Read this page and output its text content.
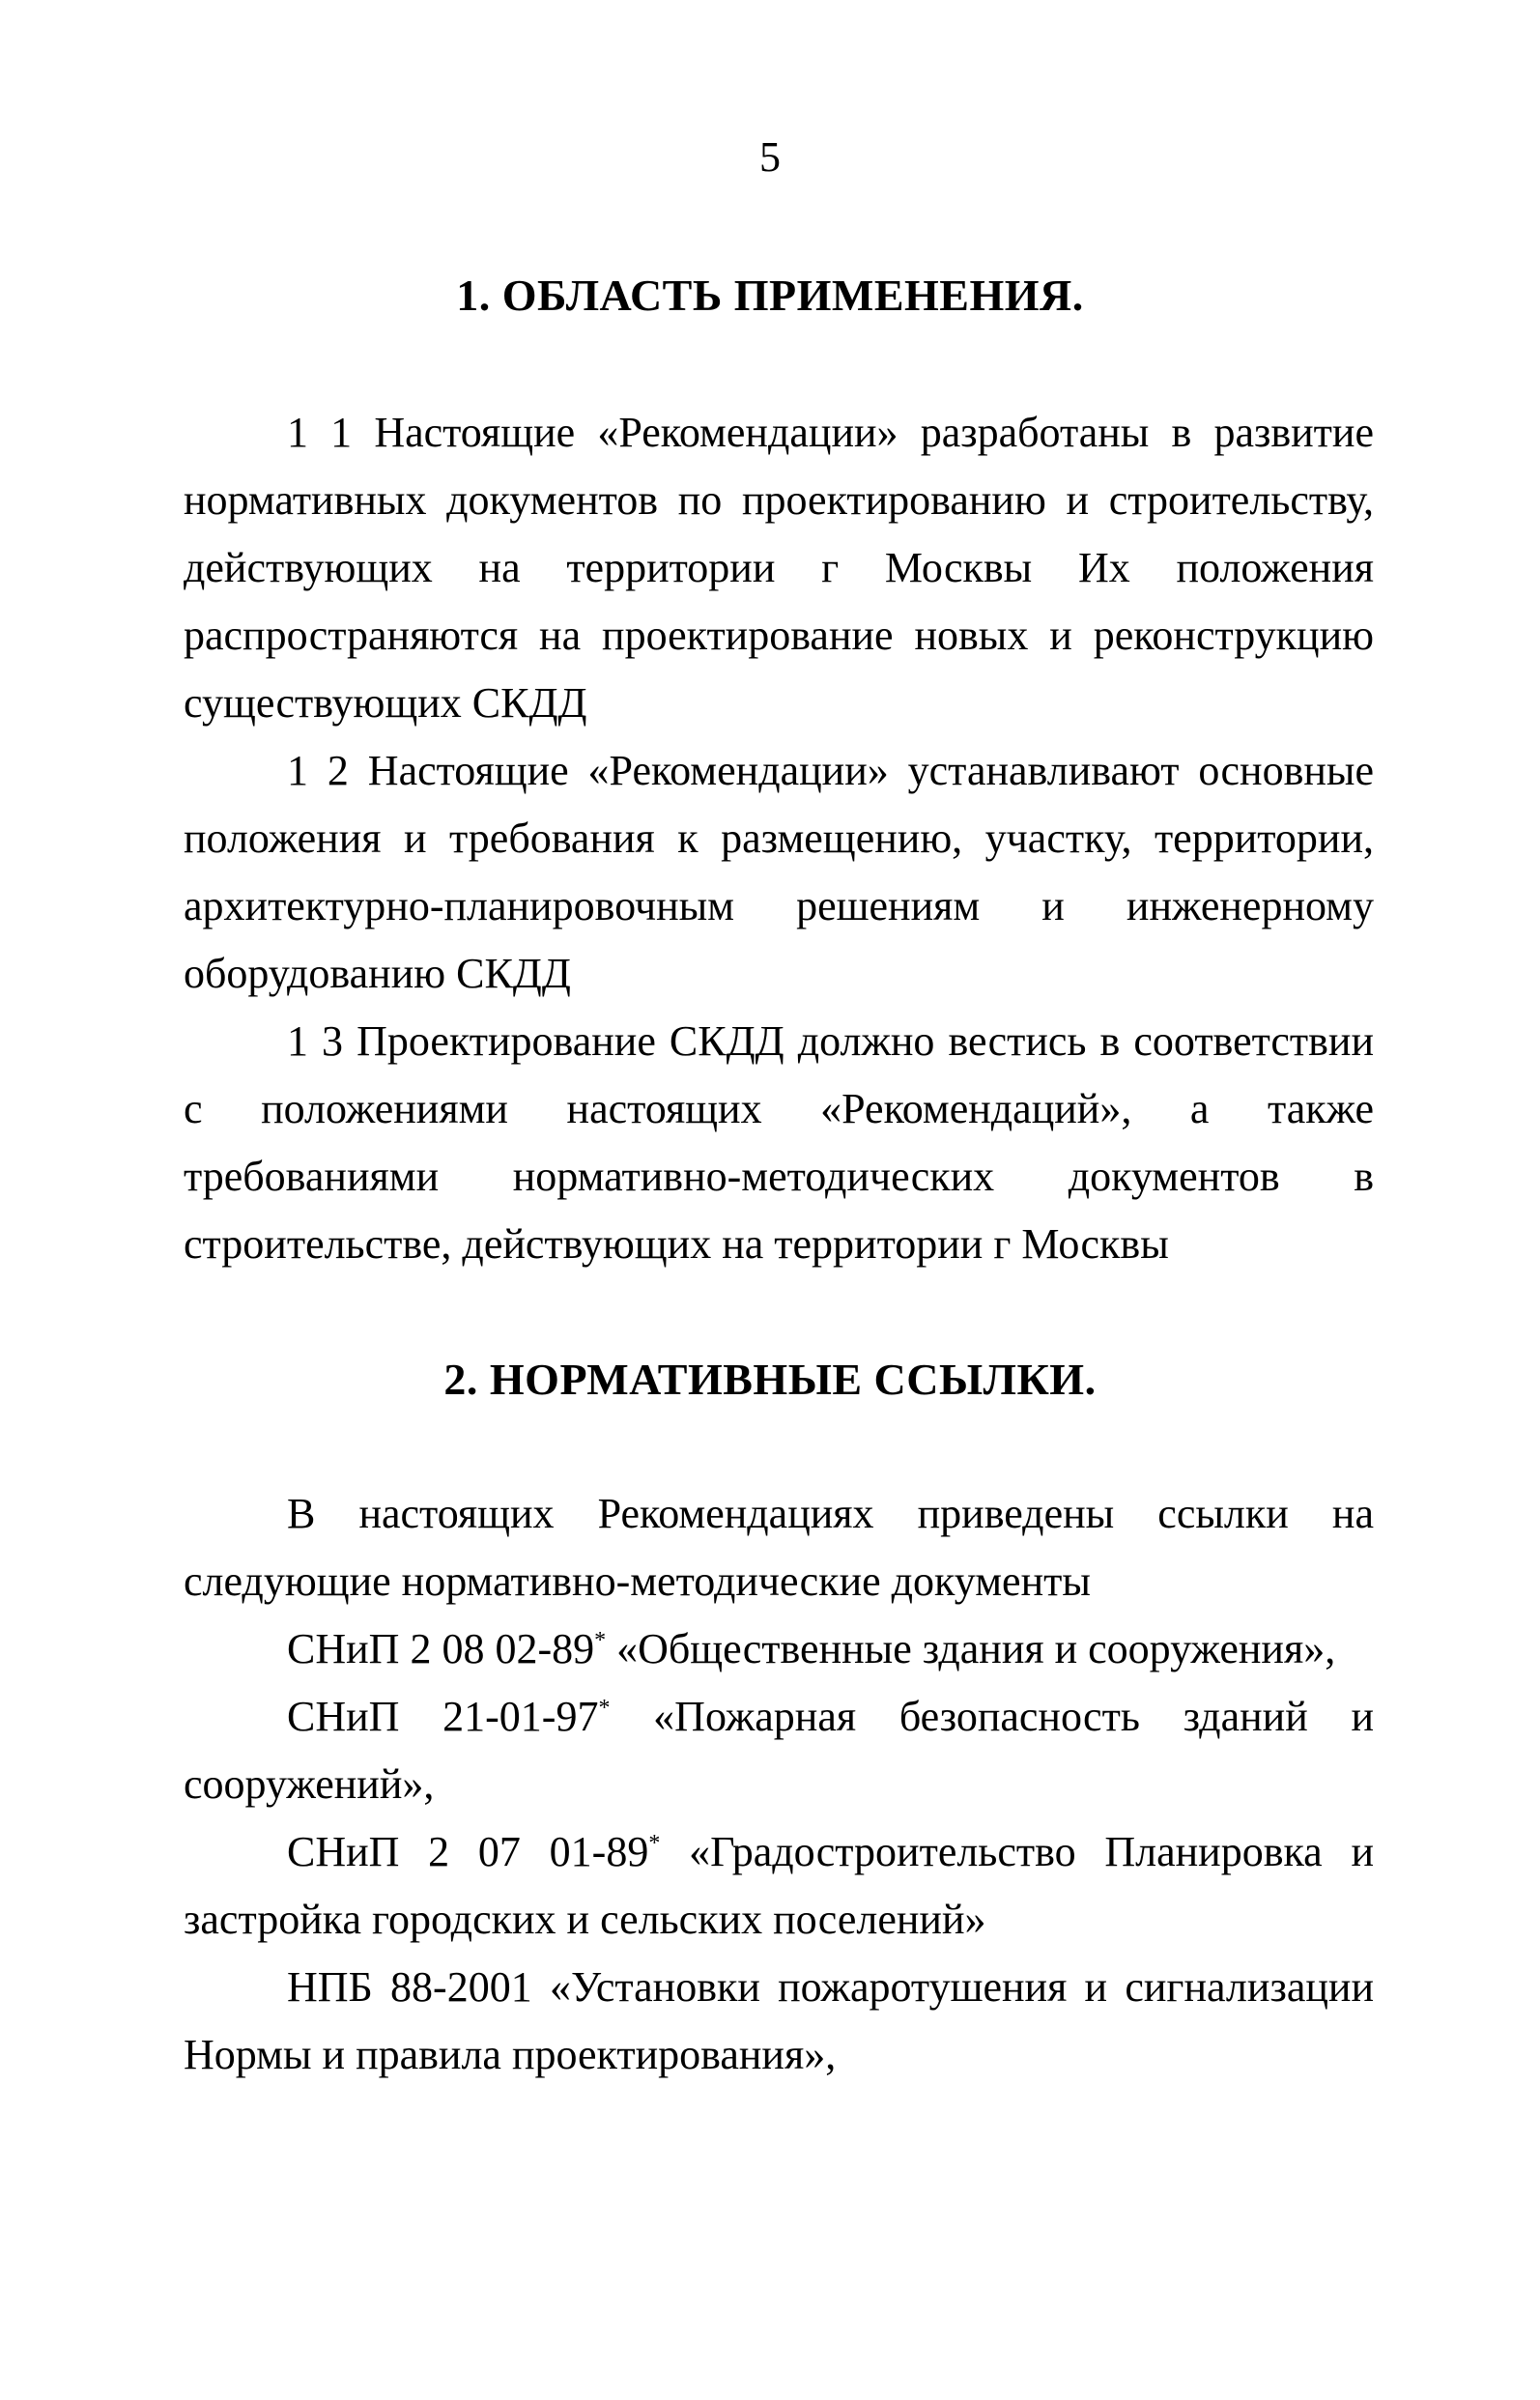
5
1. ОБЛАСТЬ ПРИМЕНЕНИЯ.

1 1 Настоящие «Рекомендации» разработаны в развитие нормативных документов по проектированию и строительству, действующих на территории г Москвы Их положения распространяются на проектирование новых и реконструкцию существующих СКДД

1 2 Настоящие «Рекомендации» устанавливают основные положения и требования к размещению, участку, территории, архитектурно-планировочным решениям и инженерному оборудованию СКДД

1 3 Проектирование СКДД должно вестись в соответствии с положениями настоящих «Рекомендаций», а также требованиями нормативно-методических документов в строительстве, действующих на территории г Москвы

2. НОРМАТИВНЫЕ ССЫЛКИ.

В настоящих Рекомендациях приведены ссылки на следующие нормативно-методические документы

СНиП 2 08 02-89* «Общественные здания и сооружения»,

СНиП 21-01-97* «Пожарная безопасность зданий и сооружений»,

СНиП 2 07 01-89* «Градостроительство Планировка и застройка городских и сельских поселений»

НПБ 88-2001 «Установки пожаротушения и сигнализации Нормы и правила проектирования»,
